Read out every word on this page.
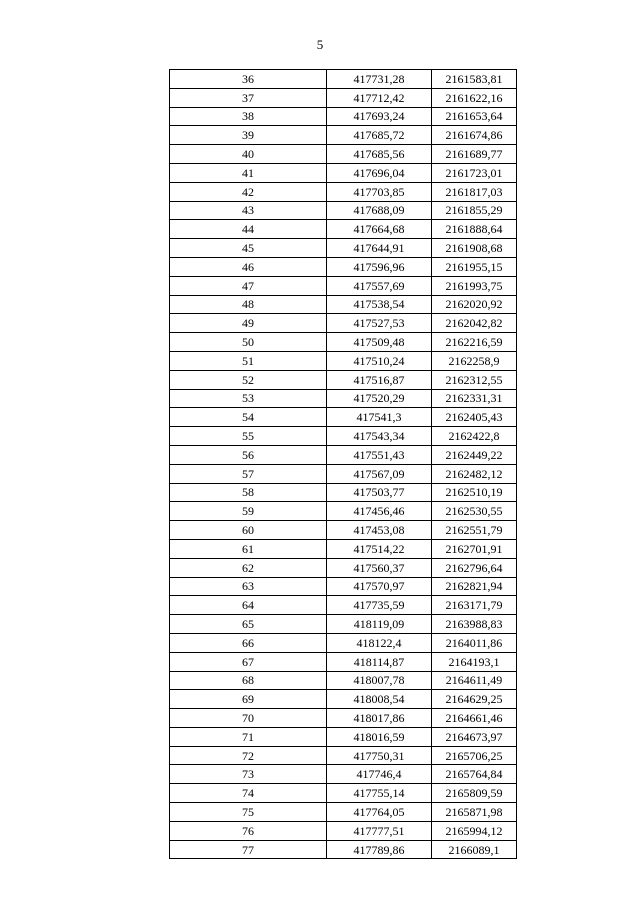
5
36	417731,28	2161583,81
37	417712,42	2161622,16
38	417693,24	2161653,64
39	417685,72	2161674,86
40	417685,56	2161689,77
41	417696,04	2161723,01
42	417703,85	2161817,03
43	417688,09	2161855,29
44	417664,68	2161888,64
45	417644,91	2161908,68
46	417596,96	2161955,15
47	417557,69	2161993,75
48	417538,54	2162020,92
49	417527,53	2162042,82
50	417509,48	2162216,59
51	417510,24	2162258,9
52	417516,87	2162312,55
53	417520,29	2162331,31
54	417541,3	2162405,43
55	417543,34	2162422,8
56	417551,43	2162449,22
57	417567,09	2162482,12
58	417503,77	2162510,19
59	417456,46	2162530,55
60	417453,08	2162551,79
61	417514,22	2162701,91
62	417560,37	2162796,64
63	417570,97	2162821,94
64	417735,59	2163171,79
65	418119,09	2163988,83
66	418122,4	2164011,86
67	418114,87	2164193,1
68	418007,78	2164611,49
69	418008,54	2164629,25
70	418017,86	2164661,46
71	418016,59	2164673,97
72	417750,31	2165706,25
73	417746,4	2165764,84
74	417755,14	2165809,59
75	417764,05	2165871,98
76	417777,51	2165994,12
77	417789,86	2166089,1
